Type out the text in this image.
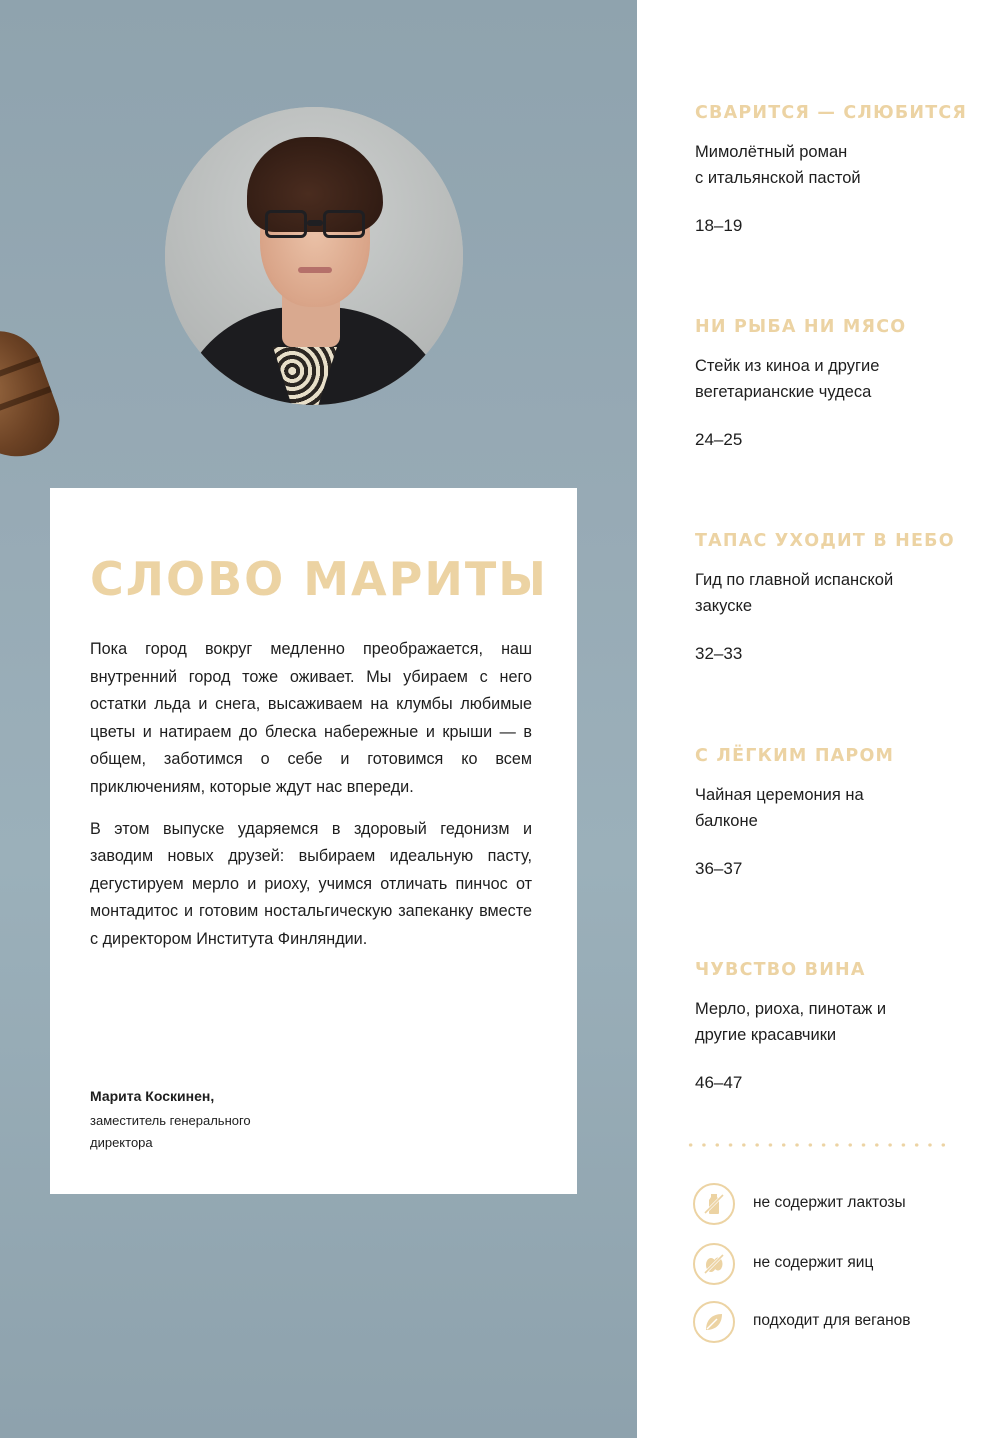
СЛОВО МАРИТЫ

Пока город вокруг медленно преображается, наш внутренний город тоже оживает. Мы убираем с него остатки льда и снега, высаживаем на клумбы любимые цветы и натираем до блеска набережные и крыши — в общем, заботимся о себе и готовимся ко всем приключениям, которые ждут нас впереди.

В этом выпуске ударяемся в здоровый гедонизм и заводим новых друзей: выбираем идеальную пасту, дегустируем мерло и риоху, учимся отличать пинчос от монтадитос и готовим ностальгическую запеканку вместе с директором Института Финляндии.

Марита Коскинен,
заместитель генерального директора
СВАРИТСЯ — СЛЮБИТСЯ
Мимолётный роман
с итальянской пастой
18–19
НИ РЫБА НИ МЯСО
Стейк из киноа и другие
вегетарианские чудеса
24–25
ТАПАС УХОДИТ В НЕБО
Гид по главной испанской
закуске
32–33
С ЛЁГКИМ ПАРОМ
Чайная церемония на
балконе
36–37
ЧУВСТВО ВИНА
Мерло, риоха, пинотаж и
другие красавчики
46–47
не содержит лактозы
не содержит яиц
подходит для веганов
